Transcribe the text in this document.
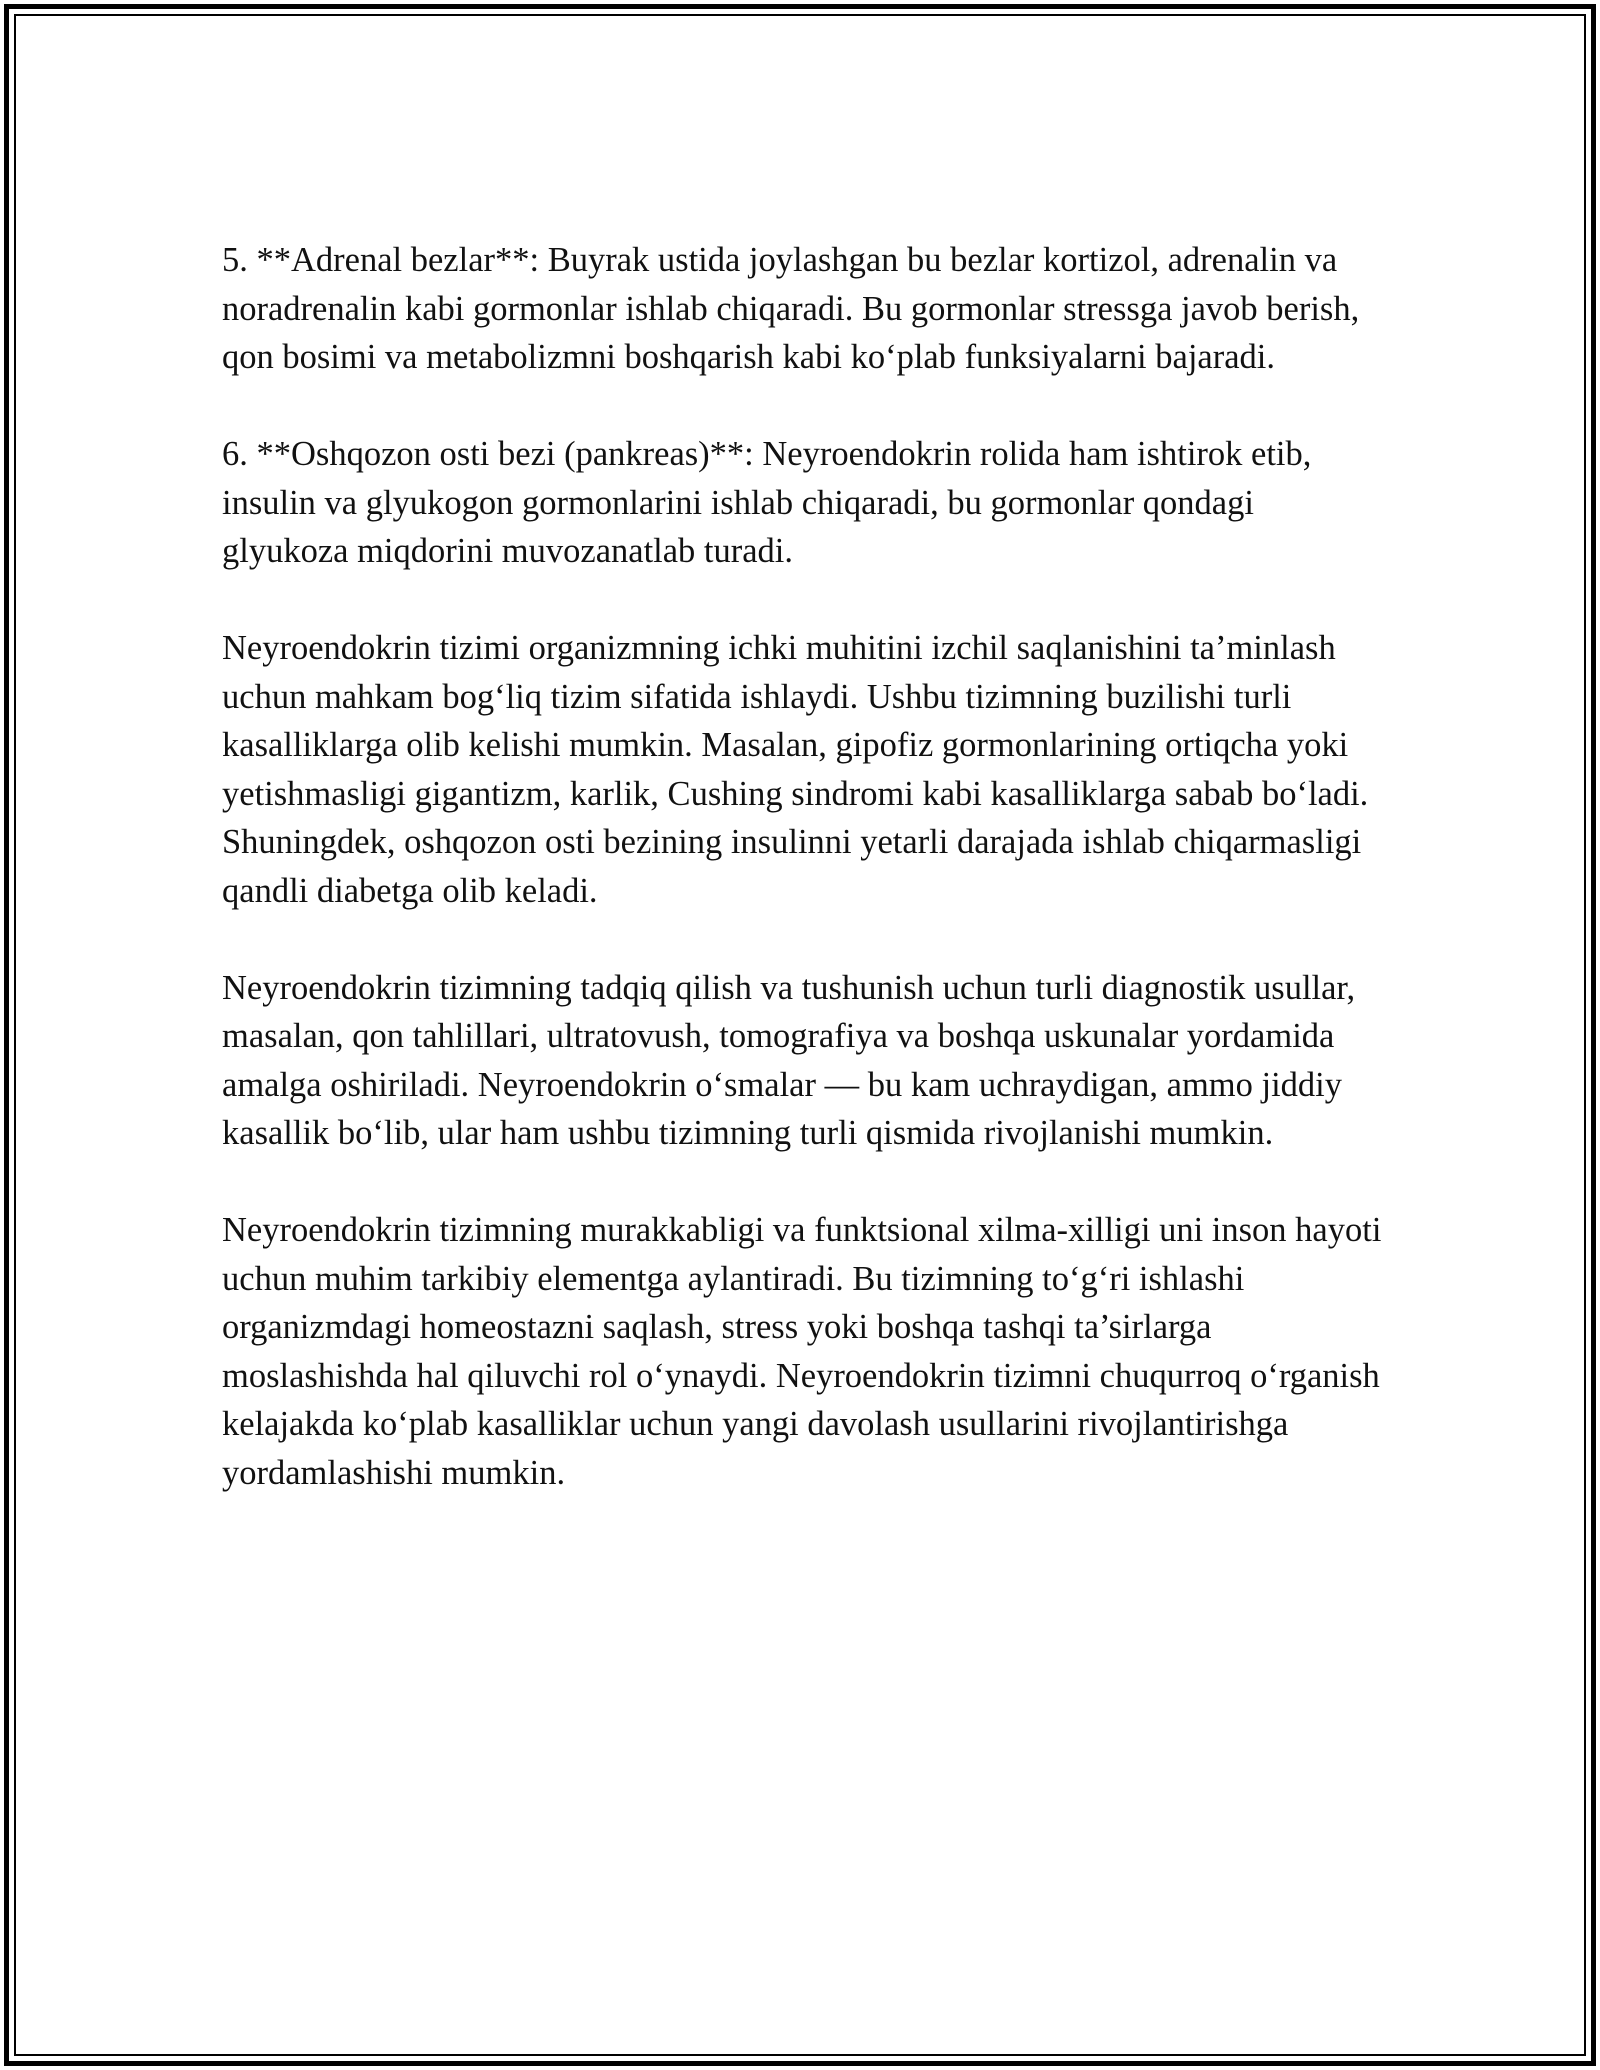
5. **Adrenal bezlar**: Buyrak ustida joylashgan bu bezlar kortizol, adrenalin va noradrenalin kabi gormonlar ishlab chiqaradi. Bu gormonlar stressga javob berish, qon bosimi va metabolizmni boshqarish kabi ko‘plab funksiyalarni bajaradi.

6. **Oshqozon osti bezi (pankreas)**: Neyroendokrin rolida ham ishtirok etib, insulin va glyukogon gormonlarini ishlab chiqaradi, bu gormonlar qondagi glyukoza miqdorini muvozanatlab turadi.

Neyroendokrin tizimi organizmning ichki muhitini izchil saqlanishini ta’minlash uchun mahkam bog‘liq tizim sifatida ishlaydi. Ushbu tizimning buzilishi turli kasalliklarga olib kelishi mumkin. Masalan, gipofiz gormonlarining ortiqcha yoki yetishmasligi gigantizm, karlik, Cushing sindromi kabi kasalliklarga sabab bo‘ladi. Shuningdek, oshqozon osti bezining insulinni yetarli darajada ishlab chiqarmasligi qandli diabetga olib keladi.

Neyroendokrin tizimning tadqiq qilish va tushunish uchun turli diagnostik usullar, masalan, qon tahlillari, ultratovush, tomografiya va boshqa uskunalar yordamida amalga oshiriladi. Neyroendokrin o‘smalar — bu kam uchraydigan, ammo jiddiy kasallik bo‘lib, ular ham ushbu tizimning turli qismida rivojlanishi mumkin.

Neyroendokrin tizimning murakkabligi va funktsional xilma-xilligi uni inson hayoti uchun muhim tarkibiy elementga aylantiradi. Bu tizimning to‘g‘ri ishlashi organizmdagi homeostazni saqlash, stress yoki boshqa tashqi ta’sirlarga moslashishda hal qiluvchi rol o‘ynaydi. Neyroendokrin tizimni chuqurroq o‘rganish kelajakda ko‘plab kasalliklar uchun yangi davolash usullarini rivojlantirishga yordamlashishi mumkin.
